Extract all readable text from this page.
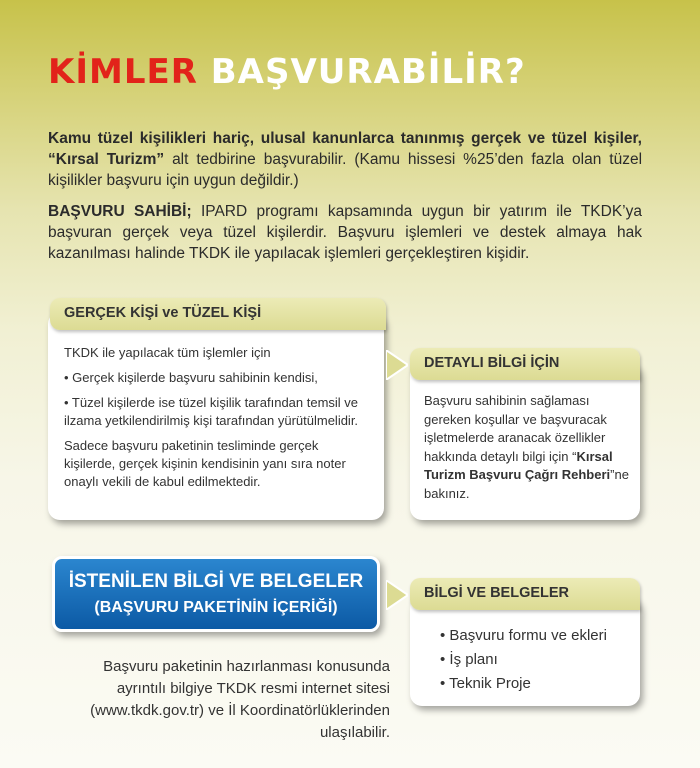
KİMLER BAŞVURABİLİR?

Kamu tüzel kişilikleri hariç, ulusal kanunlarca tanınmış gerçek ve tüzel kişiler, “Kırsal Turizm” alt tedbirine başvurabilir. (Kamu hissesi %25’den fazla olan tüzel kişilikler başvuru için uygun değildir.)

BAŞVURU SAHİBİ; IPARD programı kapsamında uygun bir yatırım ile TKDK’ya başvuran gerçek veya tüzel kişilerdir. Başvuru işlemleri ve destek almaya hak kazanılması halinde TKDK ile yapılacak işlemleri gerçekleştiren kişidir.

GERÇEK KİŞİ ve TÜZEL KİŞİ

TKDK ile yapılacak tüm işlemler için

• Gerçek kişilerde başvuru sahibinin kendisi,

• Tüzel kişilerde ise tüzel kişilik tarafından temsil ve ilzama yetkilendirilmiş kişi tarafından yürütülmelidir.

Sadece başvuru paketinin tesliminde gerçek kişilerde, gerçek kişinin kendisinin yanı sıra noter onaylı vekili de kabul edilmektedir.

DETAYLI BİLGİ İÇİN
Başvuru sahibinin sağlaması gereken koşullar ve başvuracak işletmelerde aranacak özellikler hakkında detaylı bilgi için “Kırsal Turizm Başvuru Çağrı Rehberi”ne bakınız.
İSTENİLEN BİLGİ VE BELGELER
(BAŞVURU PAKETİNİN İÇERİĞİ)
BİLGİ VE BELGELER
• Başvuru formu ve ekleri
• İş planı
• Teknik Proje
Başvuru paketinin hazırlanması konusunda ayrıntılı bilgiye TKDK resmi internet sitesi (www.tkdk.gov.tr) ve İl Koordinatörlüklerinden ulaşılabilir.
